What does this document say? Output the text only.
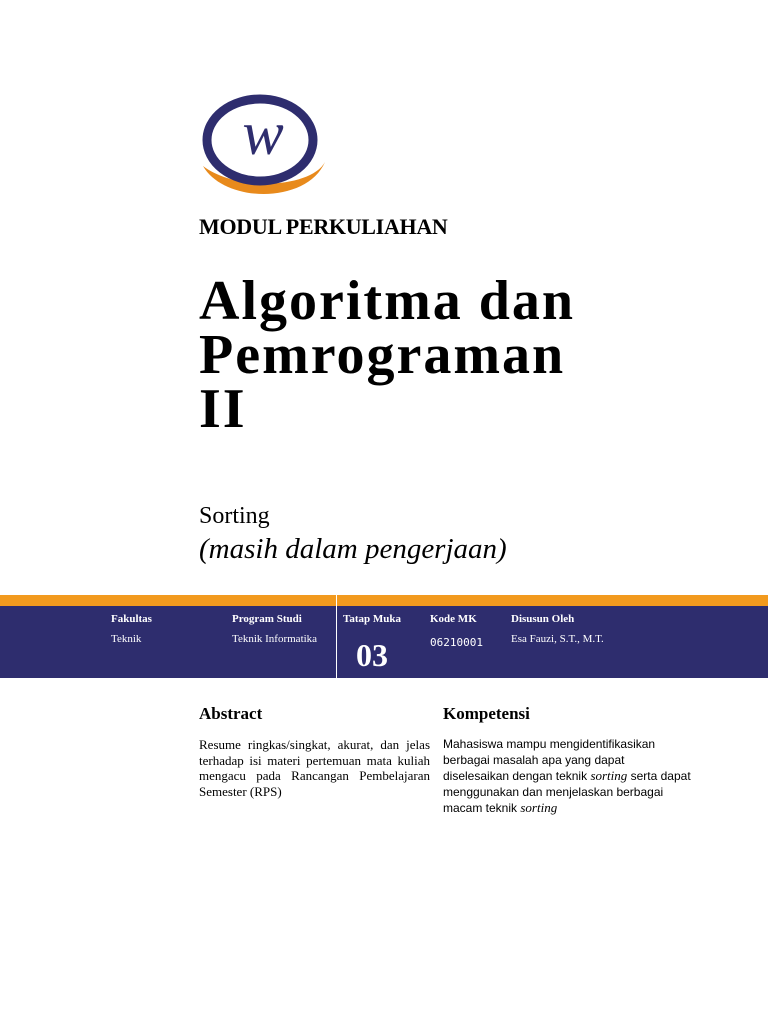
w
MODUL PERKULIAHAN
Algoritma dan
Pemrograman
II
Sorting
(masih dalam pengerjaan)
Fakultas
Teknik
Program Studi
Teknik Informatika
Tatap Muka
03
Kode MK
06210001
Disusun Oleh
Esa Fauzi, S.T., M.T.
Abstract
Resume ringkas/singkat, akurat, dan jelas terhadap isi materi pertemuan mata kuliah mengacu pada Rancangan Pembelajaran Semester (RPS)
Kompetensi
Mahasiswa mampu mengidentifikasikan berbagai masalah apa yang dapat diselesaikan dengan teknik sorting serta dapat menggunakan dan menjelaskan berbagai macam teknik sorting
